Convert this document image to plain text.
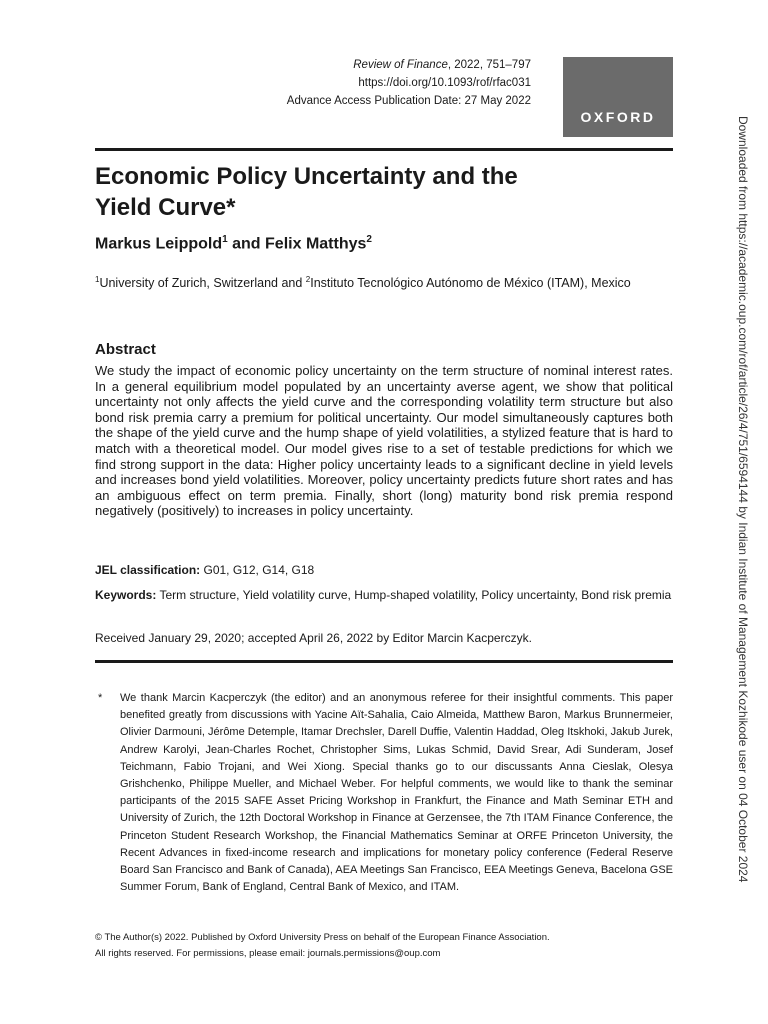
Review of Finance, 2022, 751–797
https://doi.org/10.1093/rof/rfac031
Advance Access Publication Date: 27 May 2022
OXFORD
Economic Policy Uncertainty and the
Yield Curve*
Markus Leippold$^1$ and Felix Matthys$^2$
$^1$University of Zurich, Switzerland and $^2$Instituto Tecnológico Autónomo de México (ITAM), Mexico
Abstract
We study the impact of economic policy uncertainty on the term structure of nominal interest rates. In a general equilibrium model populated by an uncertainty averse agent, we show that political uncertainty not only affects the yield curve and the corresponding volatility term structure but also bond risk premia carry a premium for political uncertainty. Our model simultaneously captures both the shape of the yield curve and the hump shape of yield volatilities, a stylized feature that is hard to match with a theoretical model. Our model gives rise to a set of testable predictions for which we find strong support in the data: Higher policy uncertainty leads to a significant decline in yield levels and increases bond yield volatilities. Moreover, policy uncertainty predicts future short rates and has an ambiguous effect on term premia. Finally, short (long) maturity bond risk premia respond negatively (positively) to increases in policy uncertainty.
JEL classification: G01, G12, G14, G18
Keywords: Term structure, Yield volatility curve, Hump-shaped volatility, Policy uncertainty, Bond risk premia
Received January 29, 2020; accepted April 26, 2022 by Editor Marcin Kacperczyk.
* We thank Marcin Kacperczyk (the editor) and an anonymous referee for their insightful comments. This paper benefited greatly from discussions with Yacine Aït-Sahalia, Caio Almeida, Matthew Baron, Markus Brunnermeier, Olivier Darmouni, Jérôme Detemple, Itamar Drechsler, Darell Duffie, Valentin Haddad, Oleg Itskhoki, Jakub Jurek, Andrew Karolyi, Jean-Charles Rochet, Christopher Sims, Lukas Schmid, David Srear, Adi Sunderam, Josef Teichmann, Fabio Trojani, and Wei Xiong. Special thanks go to our discussants Anna Cieslak, Olesya Grishchenko, Philippe Mueller, and Michael Weber. For helpful comments, we would like to thank the seminar participants of the 2015 SAFE Asset Pricing Workshop in Frankfurt, the Finance and Math Seminar ETH and University of Zurich, the 12th Doctoral Workshop in Finance at Gerzensee, the 7th ITAM Finance Conference, the Princeton Student Research Workshop, the Financial Mathematics Seminar at ORFE Princeton University, the Recent Advances in fixed-income research and implications for monetary policy conference (Federal Reserve Board San Francisco and Bank of Canada), AEA Meetings San Francisco, EEA Meetings Geneva, Bacelona GSE Summer Forum, Bank of England, Central Bank of Mexico, and ITAM.
© The Author(s) 2022. Published by Oxford University Press on behalf of the European Finance Association.
All rights reserved. For permissions, please email: journals.permissions@oup.com
Downloaded from https://academic.oup.com/rof/article/26/4/751/6594144 by Indian Institute of Management Kozhikode user on 04 October 2024
